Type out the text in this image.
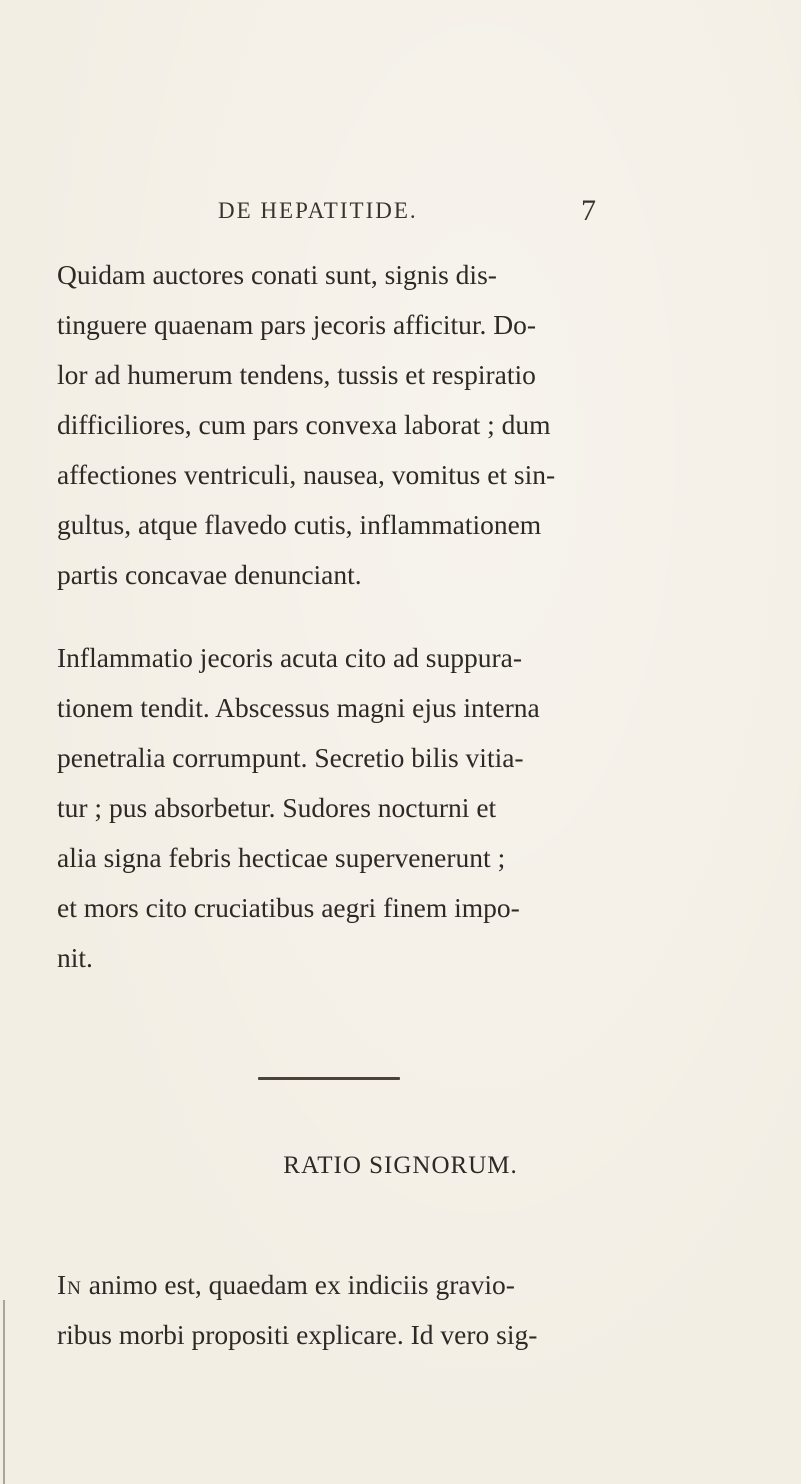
DE HEPATITIDE.	7

Quidam auctores conati sunt, signis dis-
tinguere quaenam pars jecoris afficitur. Do-
lor ad humerum tendens, tussis et respiratio
difficiliores, cum pars convexa laborat ; dum
affectiones ventriculi, nausea, vomitus et sin-
gultus, atque flavedo cutis, inflammationem
partis concavae denunciant.

Inflammatio jecoris acuta cito ad suppura-
tionem tendit. Abscessus magni ejus interna
penetralia corrumpunt. Secretio bilis vitia-
tur ; pus absorbetur. Sudores nocturni et
alia signa febris hecticae supervenerunt ;
et mors cito cruciatibus aegri finem impo-
nit.

RATIO SIGNORUM.

In animo est, quaedam ex indiciis gravio-
ribus morbi propositi explicare. Id vero sig-
